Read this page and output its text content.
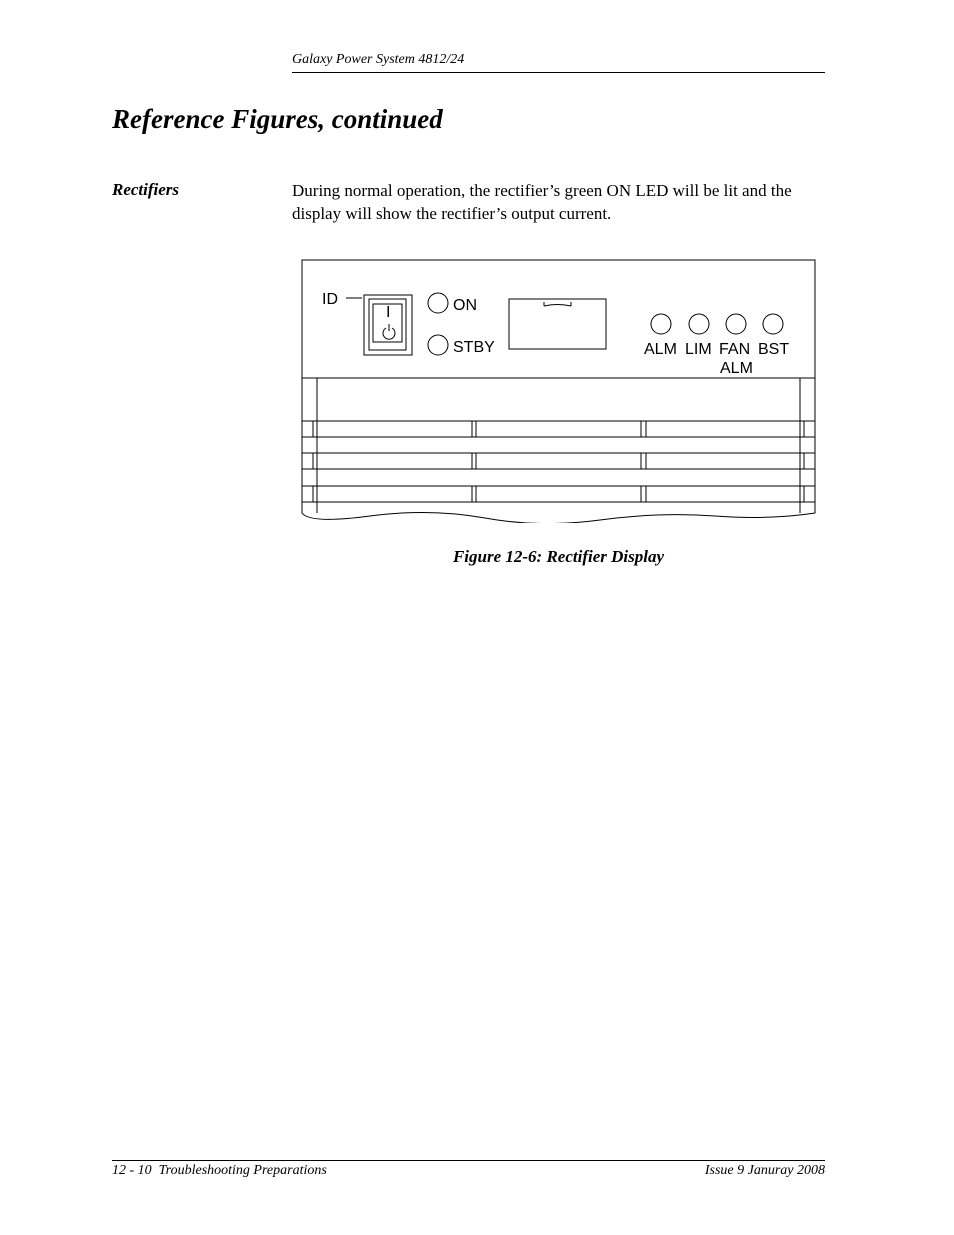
Galaxy Power System 4812/24
Reference Figures, continued
Rectifiers	During normal operation, the rectifier’s green ON LED will be lit and the display will show the rectifier’s output current.
ID
I	ON
STBY	ALM LIM FAN
ALM
BST
Figure 12-6: Rectifier Display
12 - 10  Troubleshooting Preparations	Issue 9 Januray 2008
